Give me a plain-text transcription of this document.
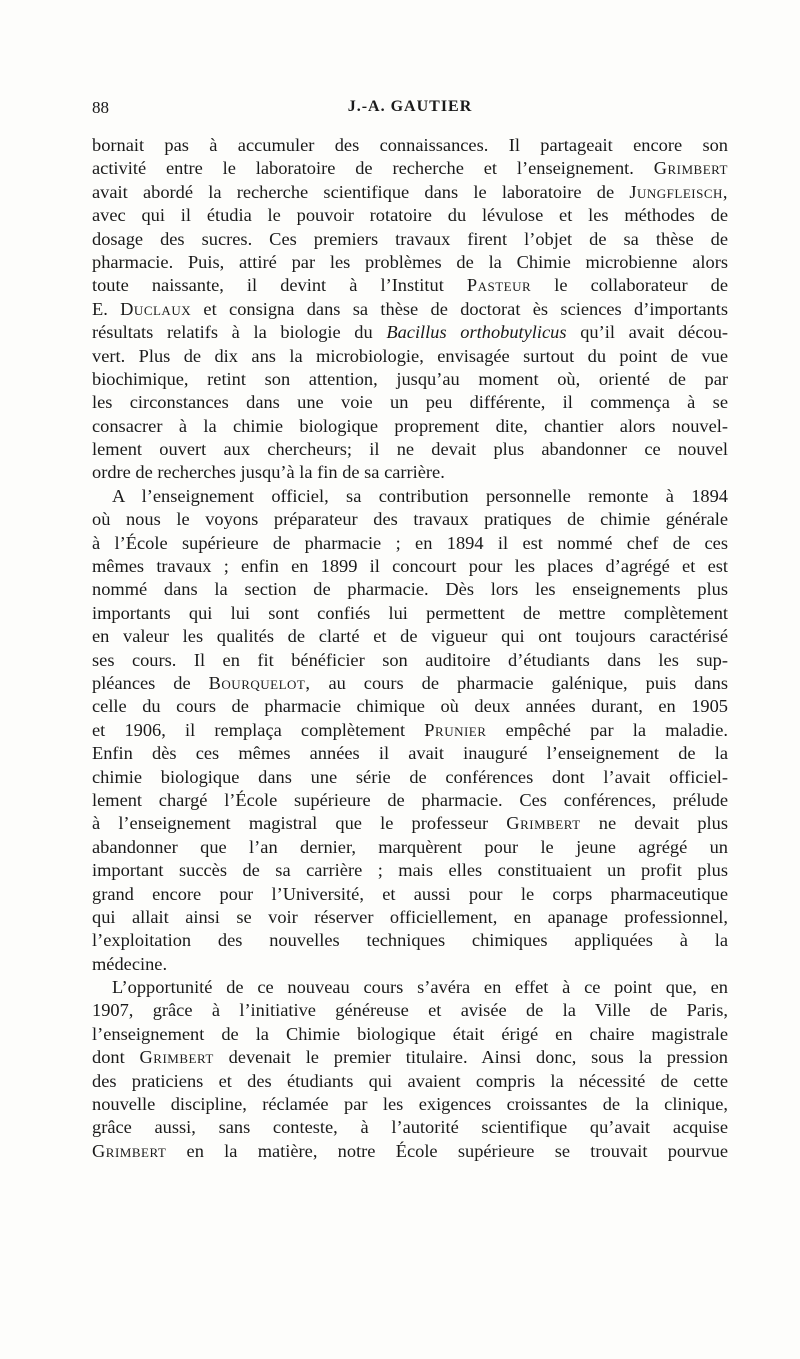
88	J.-A. GAUTIER
bornait pas à accumuler des connaissances. Il partageait encore son
activité entre le laboratoire de recherche et l’enseignement. Grimbert
avait abordé la recherche scientifique dans le laboratoire de Jungfleisch,
avec qui il étudia le pouvoir rotatoire du lévulose et les méthodes de
dosage des sucres. Ces premiers travaux firent l’objet de sa thèse de
pharmacie. Puis, attiré par les problèmes de la Chimie microbienne alors
toute naissante, il devint à l’Institut Pasteur le collaborateur de
E. Duclaux et consigna dans sa thèse de doctorat ès sciences d’importants
résultats relatifs à la biologie du Bacillus orthobutylicus qu’il avait décou-
vert. Plus de dix ans la microbiologie, envisagée surtout du point de vue
biochimique, retint son attention, jusqu’au moment où, orienté de par
les circonstances dans une voie un peu différente, il commença à se
consacrer à la chimie biologique proprement dite, chantier alors nouvel-
lement ouvert aux chercheurs; il ne devait plus abandonner ce nouvel
ordre de recherches jusqu’à la fin de sa carrière.
A l’enseignement officiel, sa contribution personnelle remonte à 1894
où nous le voyons préparateur des travaux pratiques de chimie générale
à l’École supérieure de pharmacie ; en 1894 il est nommé chef de ces
mêmes travaux ; enfin en 1899 il concourt pour les places d’agrégé et est
nommé dans la section de pharmacie. Dès lors les enseignements plus
importants qui lui sont confiés lui permettent de mettre complètement
en valeur les qualités de clarté et de vigueur qui ont toujours caractérisé
ses cours. Il en fit bénéficier son auditoire d’étudiants dans les sup-
pléances de Bourquelot, au cours de pharmacie galénique, puis dans
celle du cours de pharmacie chimique où deux années durant, en 1905
et 1906, il remplaça complètement Prunier empêché par la maladie.
Enfin dès ces mêmes années il avait inauguré l’enseignement de la
chimie biologique dans une série de conférences dont l’avait officiel-
lement chargé l’École supérieure de pharmacie. Ces conférences, prélude
à l’enseignement magistral que le professeur Grimbert ne devait plus
abandonner que l’an dernier, marquèrent pour le jeune agrégé un
important succès de sa carrière ; mais elles constituaient un profit plus
grand encore pour l’Université, et aussi pour le corps pharmaceutique
qui allait ainsi se voir réserver officiellement, en apanage professionnel,
l’exploitation des nouvelles techniques chimiques appliquées à la
médecine.
L’opportunité de ce nouveau cours s’avéra en effet à ce point que, en
1907, grâce à l’initiative généreuse et avisée de la Ville de Paris,
l’enseignement de la Chimie biologique était érigé en chaire magistrale
dont Grimbert devenait le premier titulaire. Ainsi donc, sous la pression
des praticiens et des étudiants qui avaient compris la nécessité de cette
nouvelle discipline, réclamée par les exigences croissantes de la clinique,
grâce aussi, sans conteste, à l’autorité scientifique qu’avait acquise
Grimbert en la matière, notre École supérieure se trouvait pourvue
